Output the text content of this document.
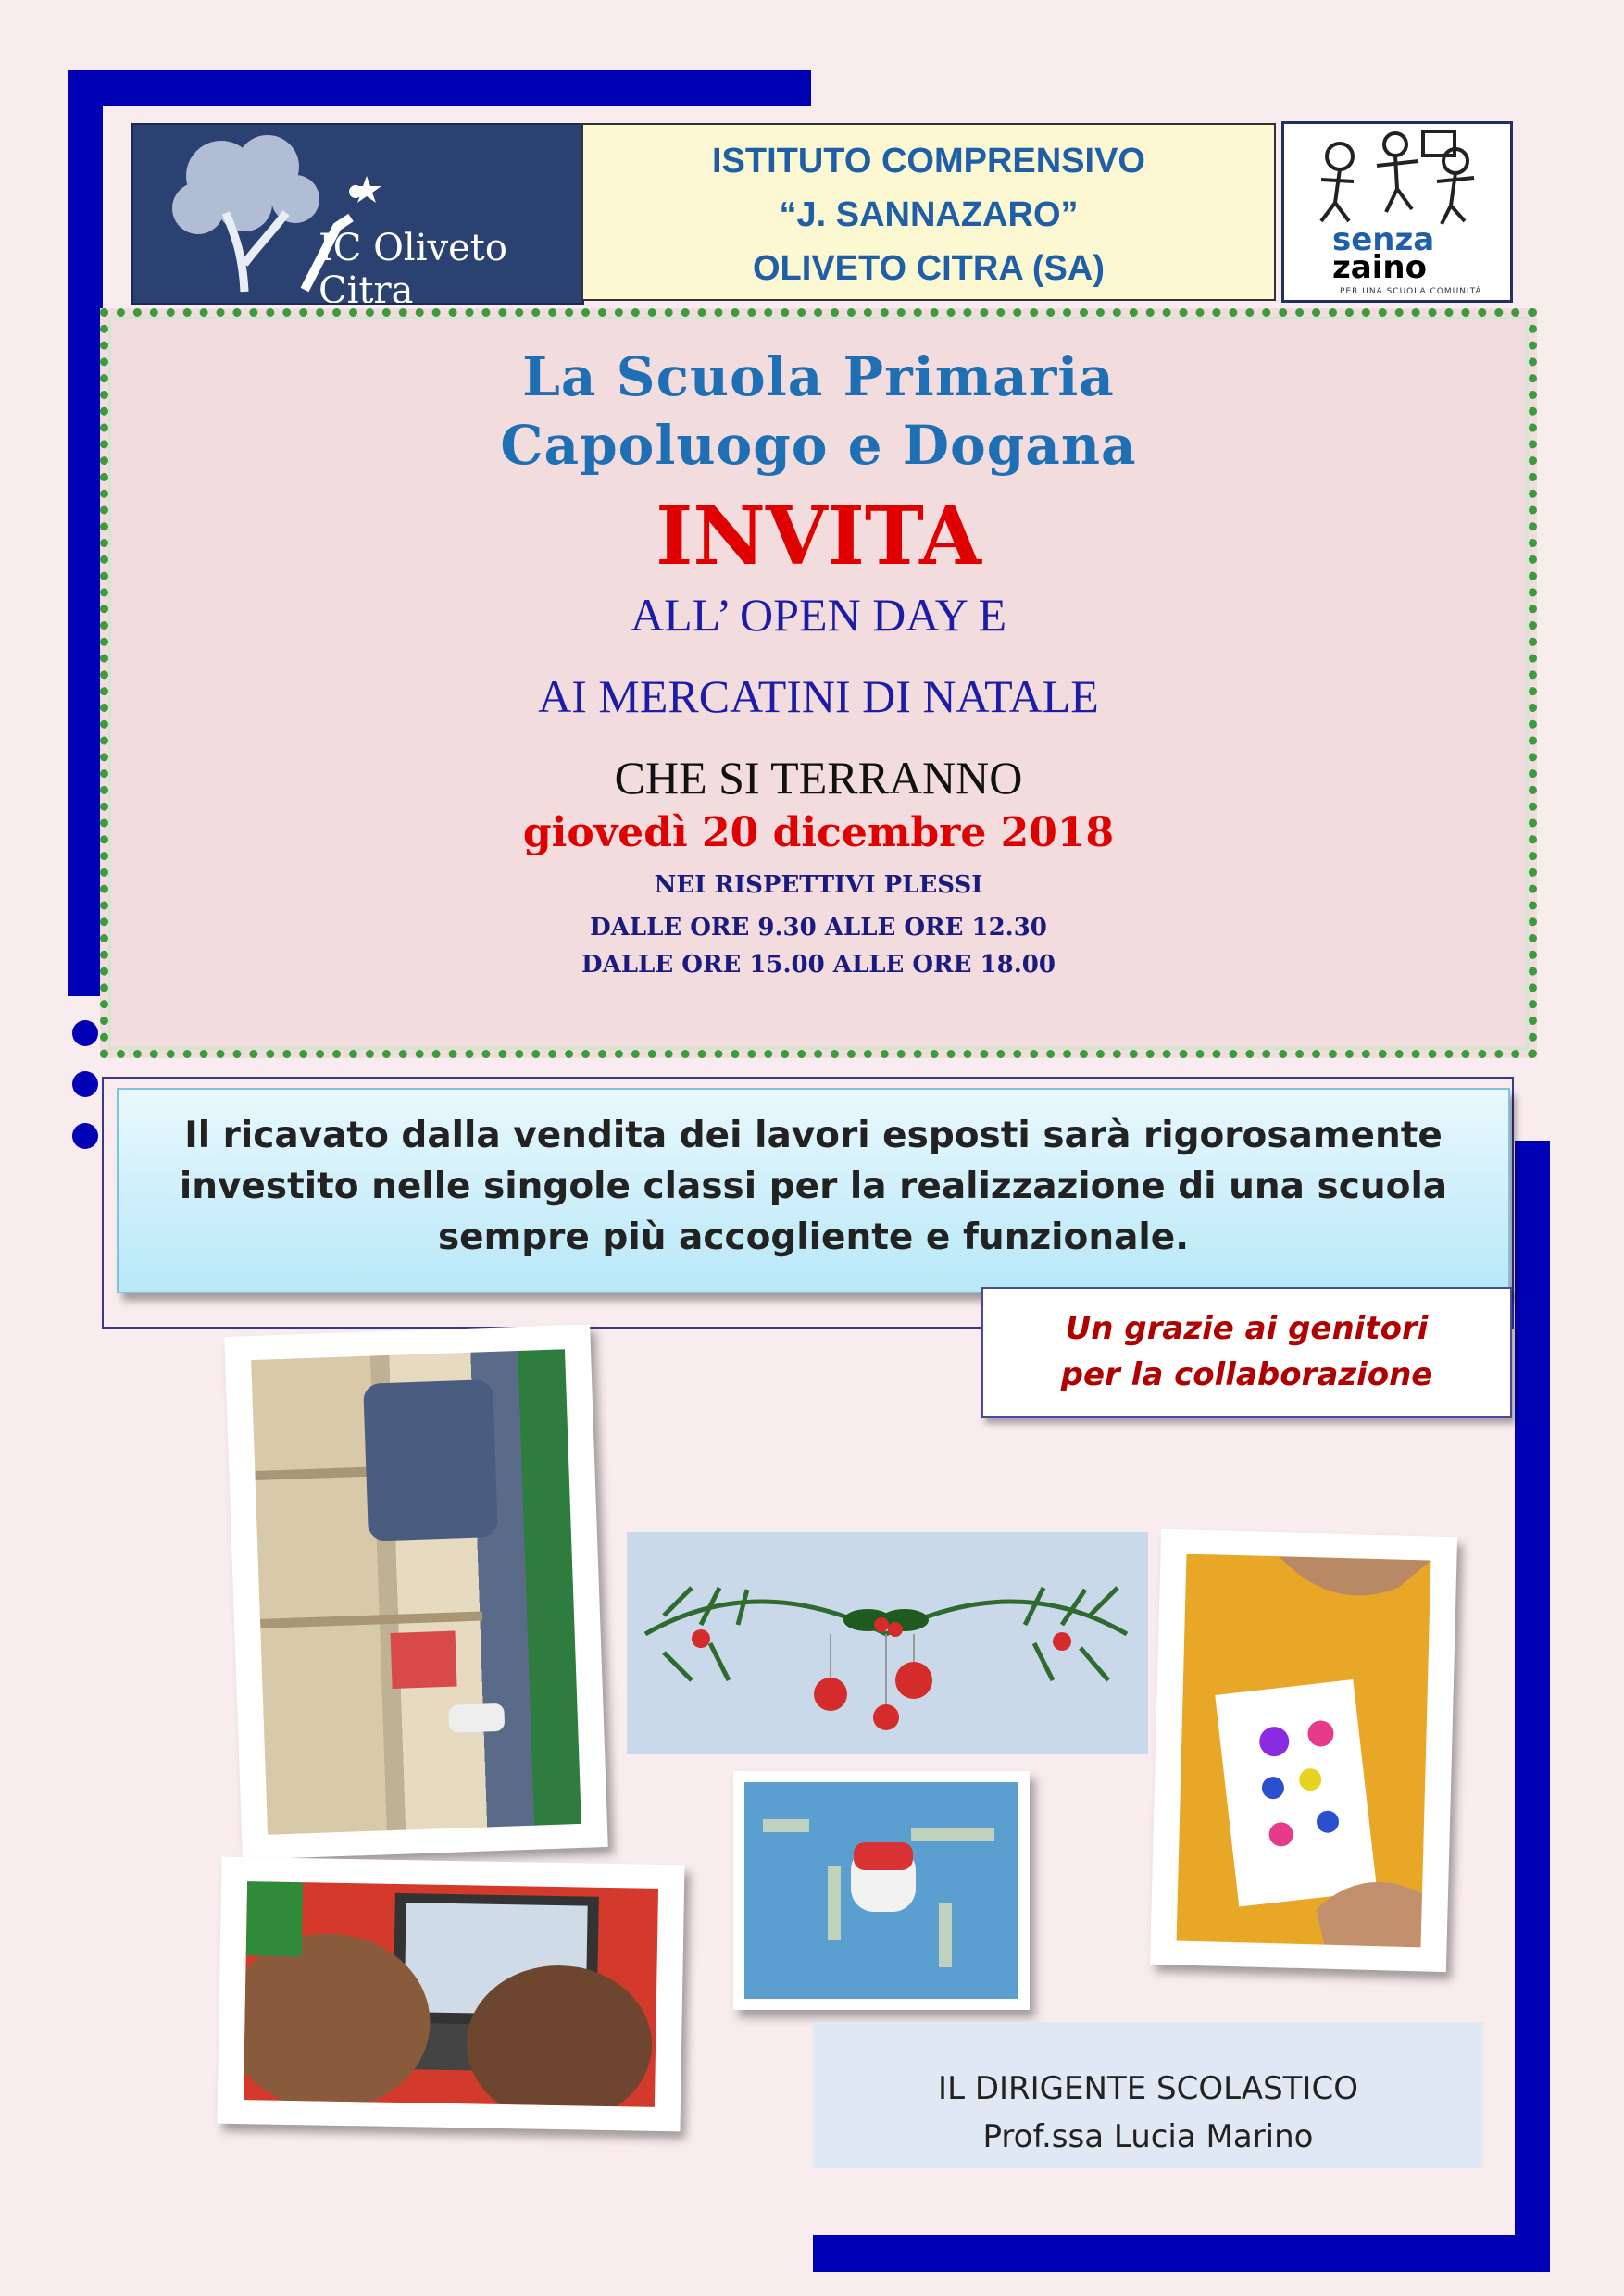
IC Oliveto Citra
ISTITUTO COMPRENSIVO
“J. SANNAZARO”
OLIVETO CITRA (SA)
senza
zaino
PER UNA SCUOLA COMUNITÀ
La Scuola Primaria
Capoluogo e Dogana
INVITA
ALL’ OPEN DAY E
AI MERCATINI DI NATALE
CHE SI TERRANNO
giovedì 20 dicembre 2018
NEI RISPETTIVI PLESSI
DALLE ORE 9.30 ALLE ORE 12.30
DALLE ORE 15.00 ALLE ORE 18.00
Il ricavato dalla vendita dei lavori esposti sarà rigorosamente
investito nelle singole classi per la realizzazione di una scuola
sempre più accogliente e funzionale.
Un grazie ai genitori
per la collaborazione
IL DIRIGENTE SCOLASTICO
Prof.ssa Lucia Marino
